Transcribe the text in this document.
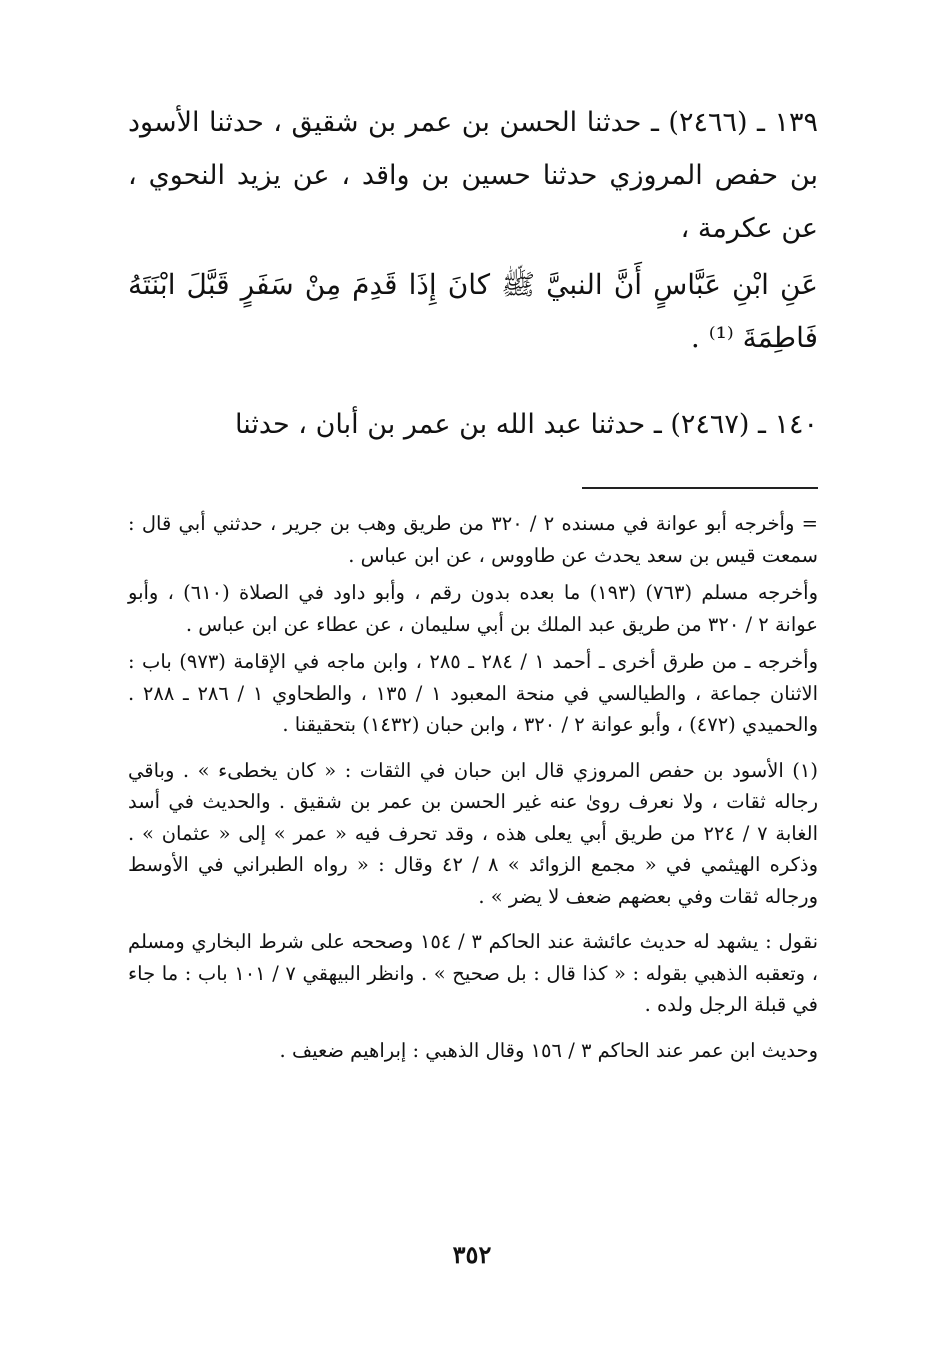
١٣٩ ـ (٢٤٦٦) ـ حدثنا الحسن بن عمر بن شقيق ، حدثنا الأسود بن حفص المروزي حدثنا حسين بن واقد ، عن يزيد النحوي ، عن عكرمة ،

عَنِ ابْنِ عَبَّاسٍ أَنَّ النبيَّ ﷺ كانَ إِذَا قَدِمَ مِنْ سَفَرٍ قَبَّلَ ابْنَتَهُ فَاطِمَةَ ⁽¹⁾ .

١٤٠ ـ (٢٤٦٧) ـ حدثنا عبد الله بن عمر بن أبان ، حدثنا

= وأخرجه أبو عوانة في مسنده ٢ / ٣٢٠ من طريق وهب بن جرير ، حدثني أبي قال : سمعت قيس بن سعد يحدث عن طاووس ، عن ابن عباس .

وأخرجه مسلم (٧٦٣) (١٩٣) ما بعده بدون رقم ، وأبو داود في الصلاة (٦١٠) ، وأبو عوانة ٢ / ٣٢٠ من طريق عبد الملك بن أبي سليمان ، عن عطاء عن ابن عباس .

وأخرجه ـ من طرق أخرى ـ أحمد ١ / ٢٨٤ ـ ٢٨٥ ، وابن ماجه في الإقامة (٩٧٣) باب : الاثنان جماعة ، والطيالسي في منحة المعبود ١ / ١٣٥ ، والطحاوي ١ / ٢٨٦ ـ ٢٨٨ . والحميدي (٤٧٢) ، وأبو عوانة ٢ / ٣٢٠ ، وابن حبان (١٤٣٢) بتحقيقنا .

(١) الأسود بن حفص المروزي قال ابن حبان في الثقات : « كان يخطىء » . وباقي رجاله ثقات ، ولا نعرف روىٰ عنه غير الحسن بن عمر بن شقيق . والحديث في أسد الغابة ٧ / ٢٢٤ من طريق أبي يعلى هذه ، وقد تحرف فيه « عمر » إلى « عثمان » . وذكره الهيثمي في « مجمع الزوائد » ٨ / ٤٢ وقال : « رواه الطبراني في الأوسط ورجاله ثقات وفي بعضهم ضعف لا يضر » .

نقول : يشهد له حديث عائشة عند الحاكم ٣ / ١٥٤ وصححه على شرط البخاري ومسلم ، وتعقبه الذهبي بقوله : « كذا قال : بل صحيح » . وانظر البيهقي ٧ / ١٠١ باب : ما جاء في قبلة الرجل ولده .

وحديث ابن عمر عند الحاكم ٣ / ١٥٦ وقال الذهبي : إبراهيم ضعيف .

٣٥٢
